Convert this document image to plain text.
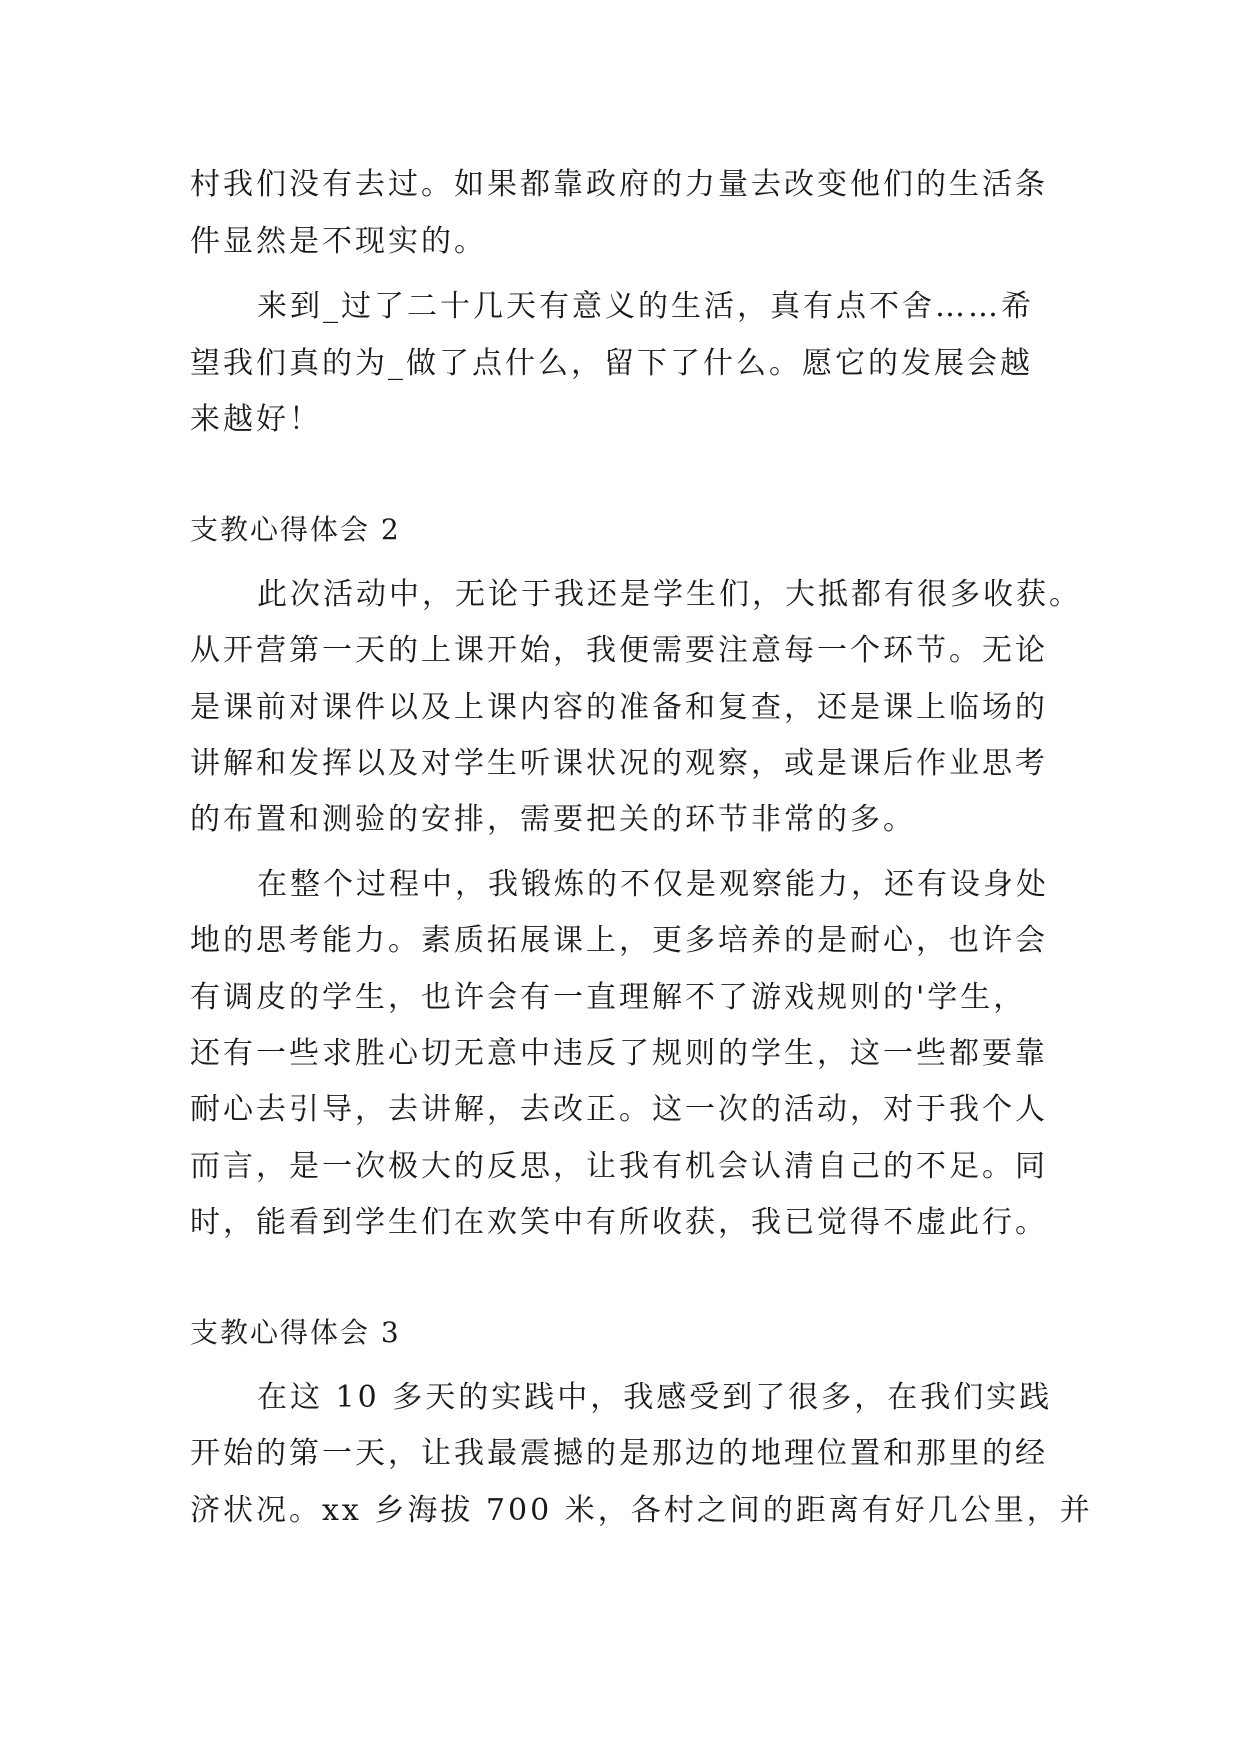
村我们没有去过。如果都靠政府的力量去改变他们的生活条
件显然是不现实的。
来到_过了二十几天有意义的生活，真有点不舍……希
望我们真的为_做了点什么，留下了什么。愿它的发展会越
来越好！
支教心得体会 2
此次活动中，无论于我还是学生们，大抵都有很多收获。
从开营第一天的上课开始，我便需要注意每一个环节。无论
是课前对课件以及上课内容的准备和复查，还是课上临场的
讲解和发挥以及对学生听课状况的观察，或是课后作业思考
的布置和测验的安排，需要把关的环节非常的多。
在整个过程中，我锻炼的不仅是观察能力，还有设身处
地的思考能力。素质拓展课上，更多培养的是耐心，也许会
有调皮的学生，也许会有一直理解不了游戏规则的'学生，
还有一些求胜心切无意中违反了规则的学生，这一些都要靠
耐心去引导，去讲解，去改正。这一次的活动，对于我个人
而言，是一次极大的反思，让我有机会认清自己的不足。同
时，能看到学生们在欢笑中有所收获，我已觉得不虚此行。
支教心得体会 3
在这 10 多天的实践中，我感受到了很多，在我们实践
开始的第一天，让我最震撼的是那边的地理位置和那里的经
济状况。xx 乡海拔 700 米，各村之间的距离有好几公里，并
